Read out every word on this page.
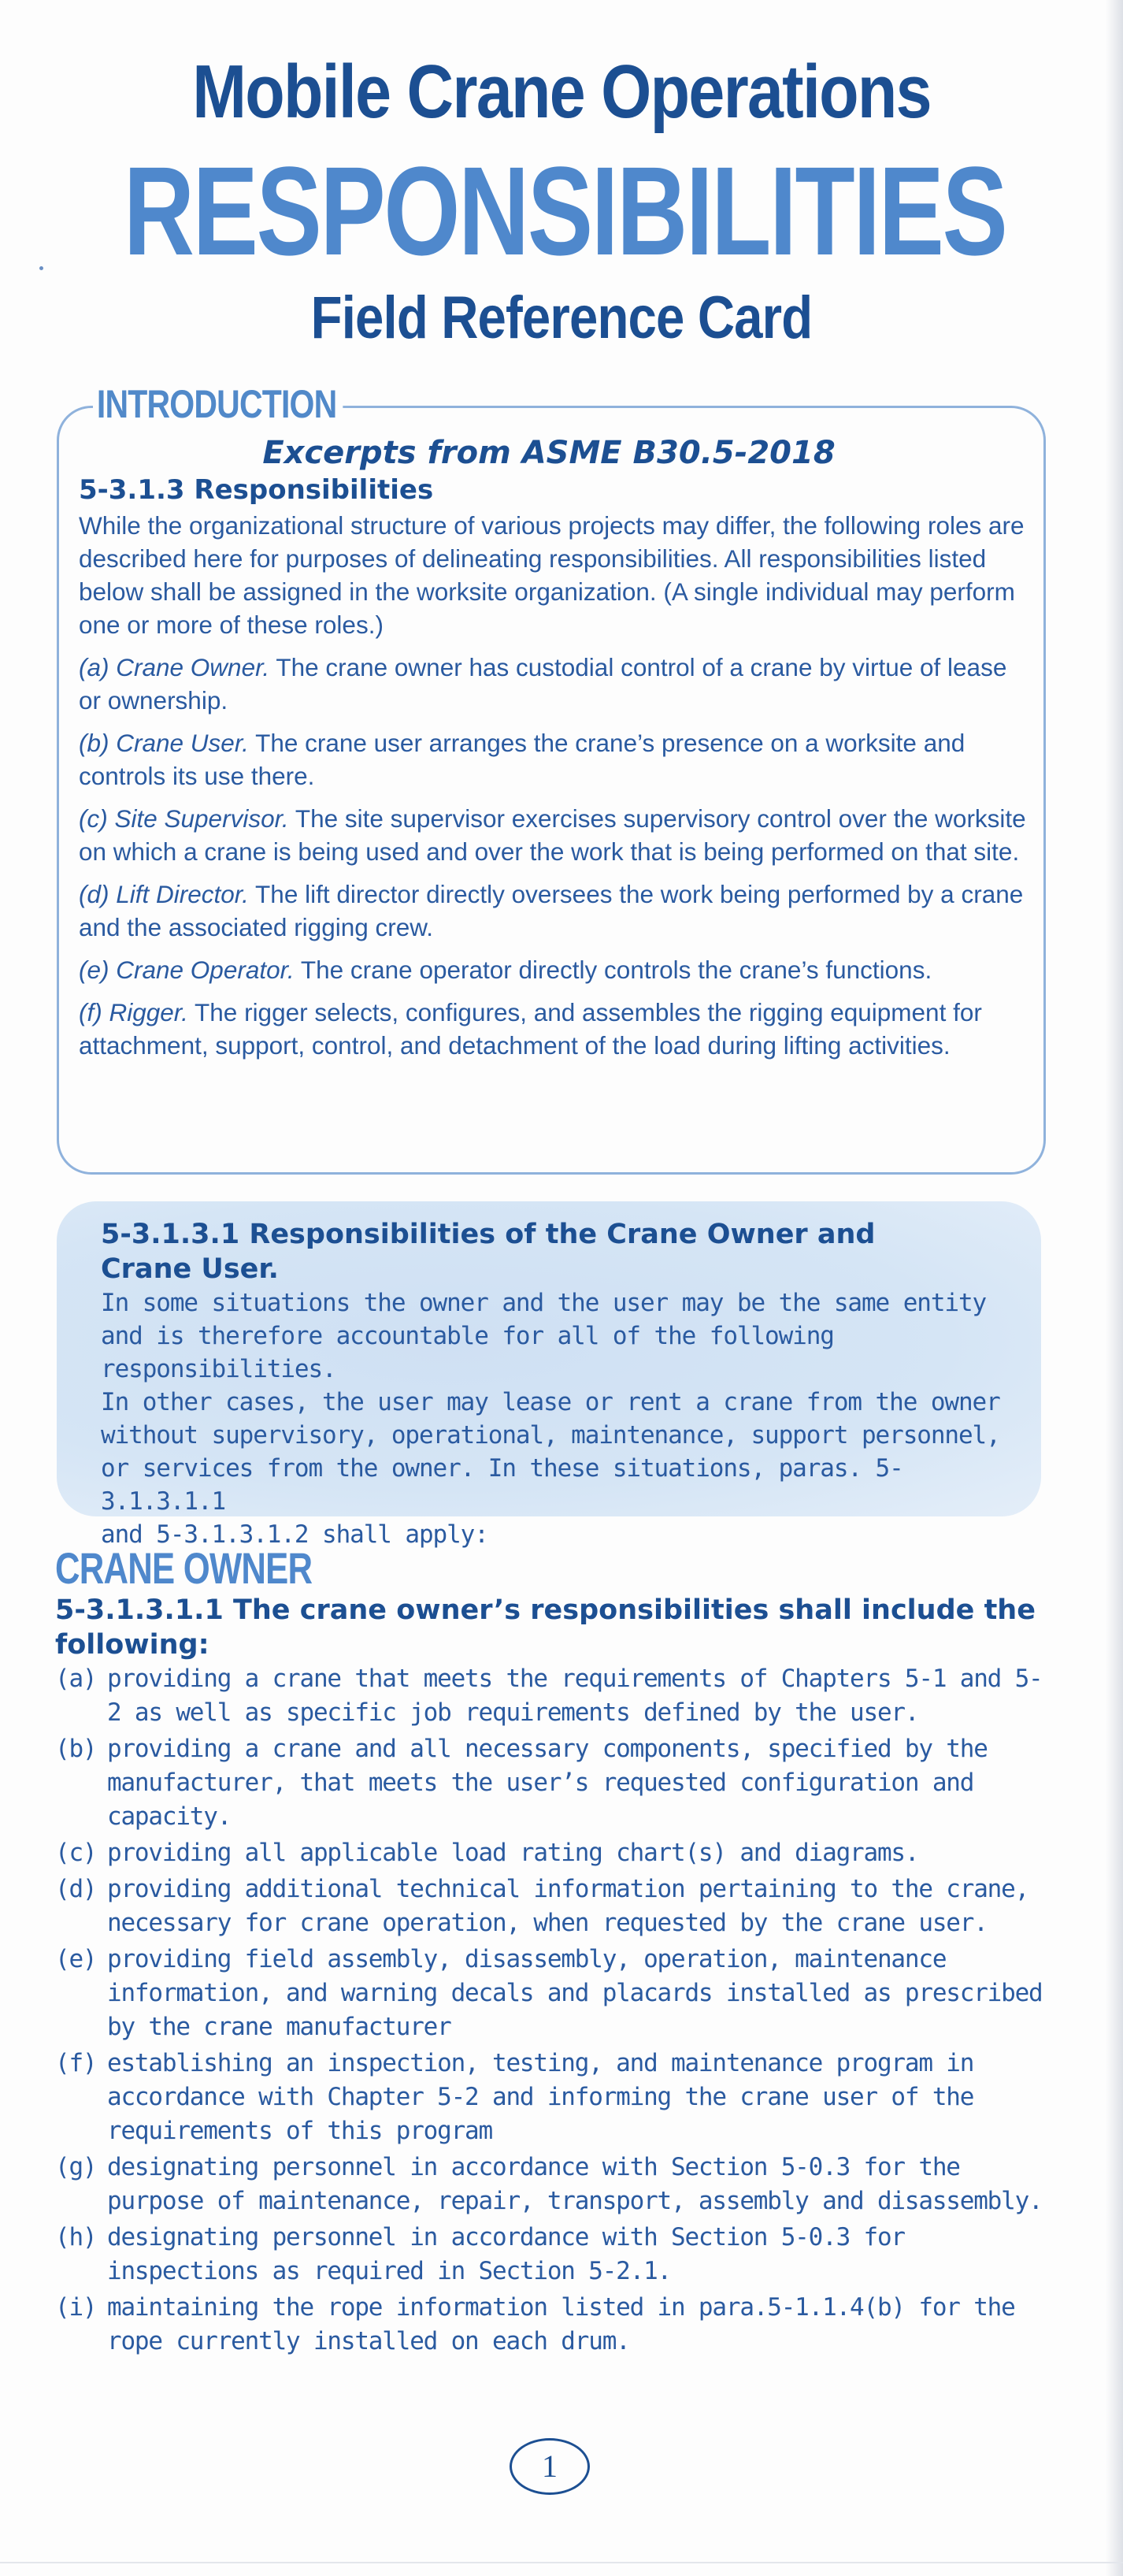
Mobile Crane Operations
RESPONSIBILITIES
Field Reference Card
INTRODUCTION
Excerpts from ASME B30.5-2018

5-3.1.3 Responsibilities

While the organizational structure of various projects may differ, the following roles are described here for purposes of delineating responsibilities. All responsibilities listed below shall be assigned in the worksite organization. (A single individual may perform one or more of these roles.)

(a) Crane Owner. The crane owner has custodial control of a crane by virtue of lease or ownership.

(b) Crane User. The crane user arranges the crane’s presence on a worksite and controls its use there.

(c) Site Supervisor. The site supervisor exercises supervisory control over the worksite on which a crane is being used and over the work that is being performed on that site.

(d) Lift Director. The lift director directly oversees the work being performed by a crane and the associated rigging crew.

(e) Crane Operator. The crane operator directly controls the crane’s functions.

(f) Rigger. The rigger selects, configures, and assembles the rigging equipment for attachment, support, control, and detachment of the load during lifting activities.

5-3.1.3.1 Responsibilities of the Crane Owner and

Crane User.

In some situations the owner and the user may be the same entity

and is therefore accountable for all of the following responsibilities.

In other cases, the user may lease or rent a crane from the owner

without supervisory, operational, maintenance, support personnel,

or services from the owner. In these situations, paras. 5-3.1.3.1.1

and 5-3.1.3.1.2 shall apply:

CRANE OWNER
5-3.1.3.1.1 The crane owner’s responsibilities shall include the following:
(a) providing a crane that meets the requirements of Chapters 5-1 and 5-2 as well as specific job requirements defined by the user.
(b) providing a crane and all necessary components, specified by the manufacturer, that meets the user’s requested configuration and capacity.
(c) providing all applicable load rating chart(s) and diagrams.
(d) providing additional technical information pertaining to the crane, necessary for crane operation, when requested by the crane user.
(e) providing field assembly, disassembly, operation, maintenance information, and warning decals and placards installed as prescribed by the crane manufacturer
(f) establishing an inspection, testing, and maintenance program in accordance with Chapter 5-2 and informing the crane user of the requirements of this program
(g) designating personnel in accordance with Section 5-0.3 for the purpose of maintenance, repair, transport, assembly and disassembly.
(h) designating personnel in accordance with Section 5-0.3 for inspections as required in Section 5-2.1.
(i) maintaining the rope information listed in para.5-1.1.4(b) for the rope currently installed on each drum.
1
